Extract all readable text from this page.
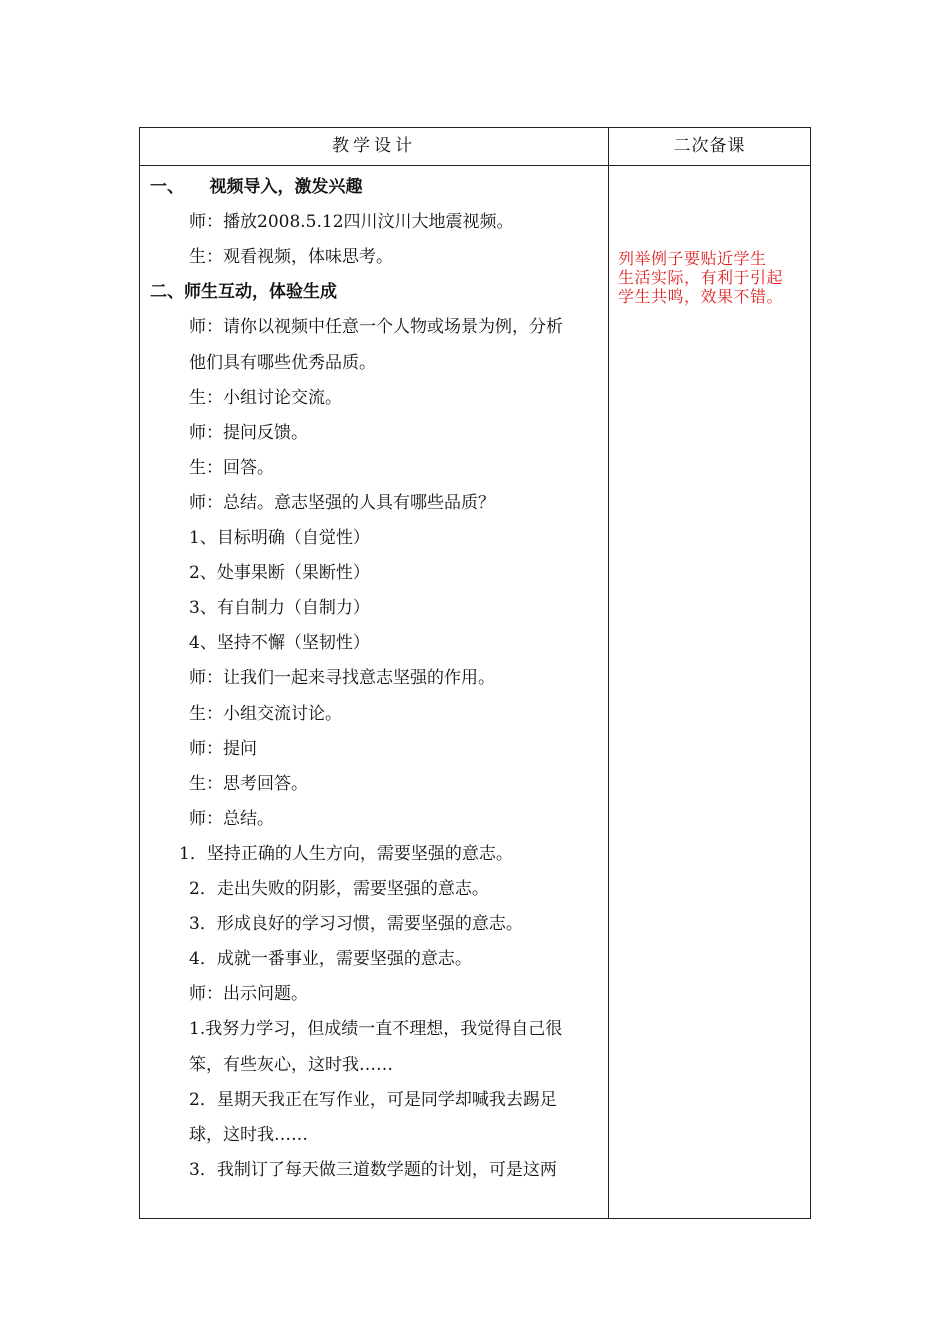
教学设计	二次备课
一、　　视频导入，激发兴趣
师：播放2008.5.12四川汶川大地震视频。
生：观看视频，体味思考。
二、师生互动，体验生成
师：请你以视频中任意一个人物或场景为例，分析
他们具有哪些优秀品质。
生：小组讨论交流。
师：提问反馈。
生：回答。
师：总结。意志坚强的人具有哪些品质？
1、目标明确（自觉性）
2、处事果断（果断性）
3、有自制力（自制力）
4、坚持不懈（坚韧性）
师：让我们一起来寻找意志坚强的作用。
生：小组交流讨论。
师：提问
生：思考回答。
师：总结。
1．坚持正确的人生方向，需要坚强的意志。
2．走出失败的阴影，需要坚强的意志。
3．形成良好的学习习惯，需要坚强的意志。
4．成就一番事业，需要坚强的意志。
师：出示问题。
1.我努力学习，但成绩一直不理想，我觉得自己很
笨，有些灰心，这时我……
2．星期天我正在写作业，可是同学却喊我去踢足
球，这时我……
3．我制订了每天做三道数学题的计划，可是这两
列举例子要贴近学生
生活实际，有利于引起
学生共鸣，效果不错。
